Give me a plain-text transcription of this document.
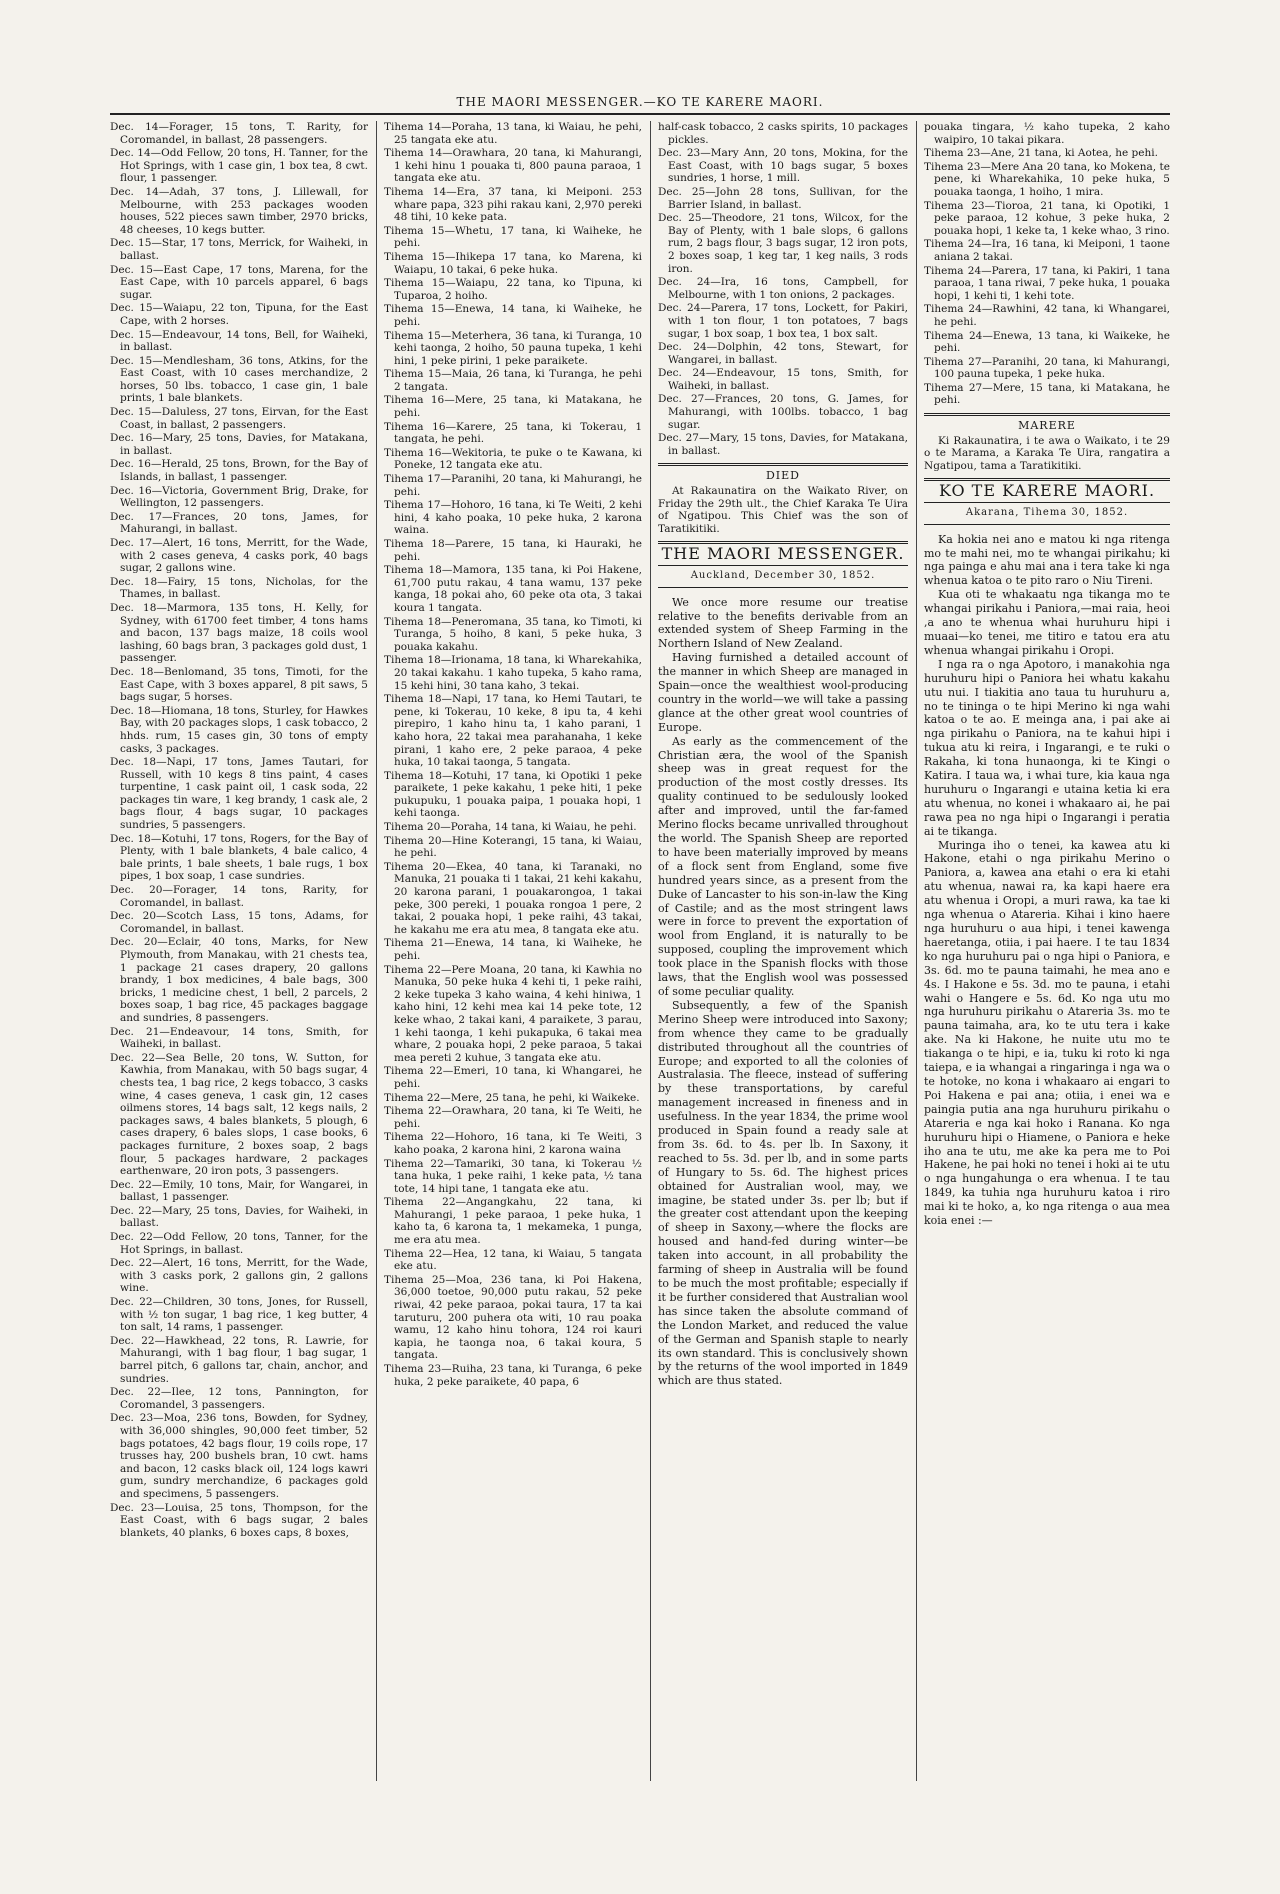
THE MAORI MESSENGER.—KO TE KARERE MAORI.

Dec. 14—Forager, 15 tons, T. Rarity, for Coromandel, in ballast, 28 passengers.

Dec. 14—Odd Fellow, 20 tons, H. Tanner, for the Hot Springs, with 1 case gin, 1 box tea, 8 cwt. flour, 1 passenger.

Dec. 14—Adah, 37 tons, J. Lillewall, for Melbourne, with 253 packages wooden houses, 522 pieces sawn timber, 2970 bricks, 48 cheeses, 10 kegs butter.

Dec. 15—Star, 17 tons, Merrick, for Waiheki, in ballast.

Dec. 15—East Cape, 17 tons, Marena, for the East Cape, with 10 parcels apparel, 6 bags sugar.

Dec. 15—Waiapu, 22 ton, Tipuna, for the East Cape, with 2 horses.

Dec. 15—Endeavour, 14 tons, Bell, for Waiheki, in ballast.

Dec. 15—Mendlesham, 36 tons, Atkins, for the East Coast, with 10 cases merchandize, 2 horses, 50 lbs. tobacco, 1 case gin, 1 bale prints, 1 bale blankets.

Dec. 15—Daluless, 27 tons, Eirvan, for the East Coast, in ballast, 2 passengers.

Dec. 16—Mary, 25 tons, Davies, for Matakana, in ballast.

Dec. 16—Herald, 25 tons, Brown, for the Bay of Islands, in ballast, 1 passenger.

Dec. 16—Victoria, Government Brig, Drake, for Wellington, 12 passengers.

Dec. 17—Frances, 20 tons, James, for Mahurangi, in ballast.

Dec. 17—Alert, 16 tons, Merritt, for the Wade, with 2 cases geneva, 4 casks pork, 40 bags sugar, 2 gallons wine.

Dec. 18—Fairy, 15 tons, Nicholas, for the Thames, in ballast.

Dec. 18—Marmora, 135 tons, H. Kelly, for Sydney, with 61700 feet timber, 4 tons hams and bacon, 137 bags maize, 18 coils wool lashing, 60 bags bran, 3 packages gold dust, 1 passenger.

Dec. 18—Benlomand, 35 tons, Timoti, for the East Cape, with 3 boxes apparel, 8 pit saws, 5 bags sugar, 5 horses.

Dec. 18—Hiomana, 18 tons, Sturley, for Hawkes Bay, with 20 packages slops, 1 cask tobacco, 2 hhds. rum, 15 cases gin, 30 tons of empty casks, 3 packages.

Dec. 18—Napi, 17 tons, James Tautari, for Russell, with 10 kegs 8 tins paint, 4 cases turpentine, 1 cask paint oil, 1 cask soda, 22 packages tin ware, 1 keg brandy, 1 cask ale, 2 bags flour, 4 bags sugar, 10 packages sundries, 5 passengers.

Dec. 18—Kotuhi, 17 tons, Rogers, for the Bay of Plenty, with 1 bale blankets, 4 bale calico, 4 bale prints, 1 bale sheets, 1 bale rugs, 1 box pipes, 1 box soap, 1 case sundries.

Dec. 20—Forager, 14 tons, Rarity, for Coromandel, in ballast.

Dec. 20—Scotch Lass, 15 tons, Adams, for Coromandel, in ballast.

Dec. 20—Eclair, 40 tons, Marks, for New Plymouth, from Manakau, with 21 chests tea, 1 package 21 cases drapery, 20 gallons brandy, 1 box medicines, 4 bale bags, 300 bricks, 1 medicine chest, 1 bell, 2 parcels, 2 boxes soap, 1 bag rice, 45 packages baggage and sundries, 8 passengers.

Dec. 21—Endeavour, 14 tons, Smith, for Waiheki, in ballast.

Dec. 22—Sea Belle, 20 tons, W. Sutton, for Kawhia, from Manakau, with 50 bags sugar, 4 chests tea, 1 bag rice, 2 kegs tobacco, 3 casks wine, 4 cases geneva, 1 cask gin, 12 cases oilmens stores, 14 bags salt, 12 kegs nails, 2 packages saws, 4 bales blankets, 5 plough, 6 cases drapery, 6 bales slops, 1 case books, 6 packages furniture, 2 boxes soap, 2 bags flour, 5 packages hardware, 2 packages earthenware, 20 iron pots, 3 passengers.

Dec. 22—Emily, 10 tons, Mair, for Wangarei, in ballast, 1 passenger.

Dec. 22—Mary, 25 tons, Davies, for Waiheki, in ballast.

Dec. 22—Odd Fellow, 20 tons, Tanner, for the Hot Springs, in ballast.

Dec. 22—Alert, 16 tons, Merritt, for the Wade, with 3 casks pork, 2 gallons gin, 2 gallons wine.

Dec. 22—Children, 30 tons, Jones, for Russell, with ½ ton sugar, 1 bag rice, 1 keg butter, 4 ton salt, 14 rams, 1 passenger.

Dec. 22—Hawkhead, 22 tons, R. Lawrie, for Mahurangi, with 1 bag flour, 1 bag sugar, 1 barrel pitch, 6 gallons tar, chain, anchor, and sundries.

Dec. 22—Ilee, 12 tons, Pannington, for Coromandel, 3 passengers.

Dec. 23—Moa, 236 tons, Bowden, for Sydney, with 36,000 shingles, 90,000 feet timber, 52 bags potatoes, 42 bags flour, 19 coils rope, 17 trusses hay, 200 bushels bran, 10 cwt. hams and bacon, 12 casks black oil, 124 logs kawri gum, sundry merchandize, 6 packages gold and specimens, 5 passengers.

Dec. 23—Louisa, 25 tons, Thompson, for the East Coast, with 6 bags sugar, 2 bales blankets, 40 planks, 6 boxes caps, 8 boxes,

Tihema 14—Poraha, 13 tana, ki Waiau, he pehi, 25 tangata eke atu.

Tihema 14—Orawhara, 20 tana, ki Mahurangi, 1 kehi hinu 1 pouaka ti, 800 pauna paraoa, 1 tangata eke atu.

Tihema 14—Era, 37 tana, ki Meiponi. 253 whare papa, 323 pihi rakau kani, 2,970 pereki 48 tihi, 10 keke pata.

Tihema 15—Whetu, 17 tana, ki Waiheke, he pehi.

Tihema 15—Ihikepa 17 tana, ko Marena, ki Waiapu, 10 takai, 6 peke huka.

Tihema 15—Waiapu, 22 tana, ko Tipuna, ki Tuparoa, 2 hoiho.

Tihema 15—Enewa, 14 tana, ki Waiheke, he pehi.

Tihema 15—Meterhera, 36 tana, ki Turanga, 10 kehi taonga, 2 hoiho, 50 pauna tupeka, 1 kehi hini, 1 peke pirini, 1 peke paraikete.

Tihema 15—Maia, 26 tana, ki Turanga, he pehi 2 tangata.

Tihema 16—Mere, 25 tana, ki Matakana, he pehi.

Tihema 16—Karere, 25 tana, ki Tokerau, 1 tangata, he pehi.

Tihema 16—Wekitoria, te puke o te Kawana, ki Poneke, 12 tangata eke atu.

Tihema 17—Paranihi, 20 tana, ki Mahurangi, he pehi.

Tihema 17—Hohoro, 16 tana, ki Te Weiti, 2 kehi hini, 4 kaho poaka, 10 peke huka, 2 karona waina.

Tihema 18—Parere, 15 tana, ki Hauraki, he pehi.

Tihema 18—Mamora, 135 tana, ki Poi Hakene, 61,700 putu rakau, 4 tana wamu, 137 peke kanga, 18 pokai aho, 60 peke ota ota, 3 takai koura 1 tangata.

Tihema 18—Peneromana, 35 tana, ko Timoti, ki Turanga, 5 hoiho, 8 kani, 5 peke huka, 3 pouaka kakahu.

Tihema 18—Irionama, 18 tana, ki Wharekahika, 20 takai kakahu. 1 kaho tupeka, 5 kaho rama, 15 kehi hini, 30 tana kaho, 3 tekai.

Tihema 18—Napi, 17 tana, ko Hemi Tautari, te pene, ki Tokerau, 10 keke, 8 ipu ta, 4 kehi pirepiro, 1 kaho hinu ta, 1 kaho parani, 1 kaho hora, 22 takai mea parahanaha, 1 keke pirani, 1 kaho ere, 2 peke paraoa, 4 peke huka, 10 takai taonga, 5 tangata.

Tihema 18—Kotuhi, 17 tana, ki Opotiki 1 peke paraikete, 1 peke kakahu, 1 peke hiti, 1 peke pukupuku, 1 pouaka paipa, 1 pouaka hopi, 1 kehi taonga.

Tihema 20—Poraha, 14 tana, ki Waiau, he pehi.

Tihema 20—Hine Koterangi, 15 tana, ki Waiau, he pehi.

Tihema 20—Ekea, 40 tana, ki Taranaki, no Manuka, 21 pouaka ti 1 takai, 21 kehi kakahu, 20 karona parani, 1 pouakarongoa, 1 takai peke, 300 pereki, 1 pouaka rongoa 1 pere, 2 takai, 2 pouaka hopi, 1 peke raihi, 43 takai, he kakahu me era atu mea, 8 tangata eke atu.

Tihema 21—Enewa, 14 tana, ki Waiheke, he pehi.

Tihema 22—Pere Moana, 20 tana, ki Kawhia no Manuka, 50 peke huka 4 kehi ti, 1 peke raihi, 2 keke tupeka 3 kaho waina, 4 kehi hiniwa, 1 kaho hini, 12 kehi mea kai 14 peke tote, 12 keke whao, 2 takai kani, 4 paraikete, 3 parau, 1 kehi taonga, 1 kehi pukapuka, 6 takai mea whare, 2 pouaka hopi, 2 peke paraoa, 5 takai mea pereti 2 kuhue, 3 tangata eke atu.

Tihema 22—Emeri, 10 tana, ki Whangarei, he pehi.

Tihema 22—Mere, 25 tana, he pehi, ki Waikeke.

Tihema 22—Orawhara, 20 tana, ki Te Weiti, he pehi.

Tihema 22—Hohoro, 16 tana, ki Te Weiti, 3 kaho poaka, 2 karona hini, 2 karona waina

Tihema 22—Tamariki, 30 tana, ki Tokerau ½ tana huka, 1 peke raihi, 1 keke pata, ½ tana tote, 14 hipi tane, 1 tangata eke atu.

Tihema 22—Angangkahu, 22 tana, ki Mahurangi, 1 peke paraoa, 1 peke huka, 1 kaho ta, 6 karona ta, 1 mekameka, 1 punga, me era atu mea.

Tihema 22—Hea, 12 tana, ki Waiau, 5 tangata eke atu.

Tihema 25—Moa, 236 tana, ki Poi Hakena, 36,000 toetoe, 90,000 putu rakau, 52 peke riwai, 42 peke paraoa, pokai taura, 17 ta kai taruturu, 200 puhera ota witi, 10 rau poaka wamu, 12 kaho hinu tohora, 124 roi kauri kapia, he taonga noa, 6 takai koura, 5 tangata.

Tihema 23—Ruiha, 23 tana, ki Turanga, 6 peke huka, 2 peke paraikete, 40 papa, 6

half-cask tobacco, 2 casks spirits, 10 packages pickles.

Dec. 23—Mary Ann, 20 tons, Mokina, for the East Coast, with 10 bags sugar, 5 boxes sundries, 1 horse, 1 mill.

Dec. 25—John 28 tons, Sullivan, for the Barrier Island, in ballast.

Dec. 25—Theodore, 21 tons, Wilcox, for the Bay of Plenty, with 1 bale slops, 6 gallons rum, 2 bags flour, 3 bags sugar, 12 iron pots, 2 boxes soap, 1 keg tar, 1 keg nails, 3 rods iron.

Dec. 24—Ira, 16 tons, Campbell, for Melbourne, with 1 ton onions, 2 packages.

Dec. 24—Parera, 17 tons, Lockett, for Pakiri, with 1 ton flour, 1 ton potatoes, 7 bags sugar, 1 box soap, 1 box tea, 1 box salt.

Dec. 24—Dolphin, 42 tons, Stewart, for Wangarei, in ballast.

Dec. 24—Endeavour, 15 tons, Smith, for Waiheki, in ballast.

Dec. 27—Frances, 20 tons, G. James, for Mahurangi, with 100lbs. tobacco, 1 bag sugar.

Dec. 27—Mary, 15 tons, Davies, for Matakana, in ballast.

DIED

At Rakaunatira on the Waikato River, on Friday the 29th ult., the Chief Karaka Te Uira of Ngatipou. This Chief was the son of Taratikitiki.

THE MAORI MESSENGER.
Auckland, December 30, 1852.

We once more resume our treatise relative to the benefits derivable from an extended system of Sheep Farming in the Northern Island of New Zealand.

Having furnished a detailed account of the manner in which Sheep are managed in Spain—once the wealthiest wool-producing country in the world—we will take a passing glance at the other great wool countries of Europe.

As early as the commencement of the Christian æra, the wool of the Spanish sheep was in great request for the production of the most costly dresses. Its quality continued to be sedulously looked after and improved, until the far-famed Merino flocks became unrivalled throughout the world. The Spanish Sheep are reported to have been materially improved by means of a flock sent from England, some five hundred years since, as a present from the Duke of Lancaster to his son-in-law the King of Castile; and as the most stringent laws were in force to prevent the exportation of wool from England, it is naturally to be supposed, coupling the improvement which took place in the Spanish flocks with those laws, that the English wool was possessed of some peculiar quality.

Subsequently, a few of the Spanish Merino Sheep were introduced into Saxony; from whence they came to be gradually distributed throughout all the countries of Europe; and exported to all the colonies of Australasia. The fleece, instead of suffering by these transportations, by careful management increased in fineness and in usefulness. In the year 1834, the prime wool produced in Spain found a ready sale at from 3s. 6d. to 4s. per lb. In Saxony, it reached to 5s. 3d. per lb, and in some parts of Hungary to 5s. 6d. The highest prices obtained for Australian wool, may, we imagine, be stated under 3s. per lb; but if the greater cost attendant upon the keeping of sheep in Saxony,—where the flocks are housed and hand-fed during winter—be taken into account, in all probability the farming of sheep in Australia will be found to be much the most profitable; especially if it be further considered that Australian wool has since taken the absolute command of the London Market, and reduced the value of the German and Spanish staple to nearly its own standard. This is conclusively shown by the returns of the wool imported in 1849 which are thus stated.

pouaka tingara, ½ kaho tupeka, 2 kaho waipiro, 10 takai pikara.

Tihema 23—Ane, 21 tana, ki Aotea, he pehi.

Tihema 23—Mere Ana 20 tana, ko Mokena, te pene, ki Wharekahika, 10 peke huka, 5 pouaka taonga, 1 hoiho, 1 mira.

Tihema 23—Tioroa, 21 tana, ki Opotiki, 1 peke paraoa, 12 kohue, 3 peke huka, 2 pouaka hopi, 1 keke ta, 1 keke whao, 3 rino.

Tihema 24—Ira, 16 tana, ki Meiponi, 1 taone aniana 2 takai.

Tihema 24—Parera, 17 tana, ki Pakiri, 1 tana paraoa, 1 tana riwai, 7 peke huka, 1 pouaka hopi, 1 kehi ti, 1 kehi tote.

Tihema 24—Rawhini, 42 tana, ki Whangarei, he pehi.

Tihema 24—Enewa, 13 tana, ki Waikeke, he pehi.

Tihema 27—Paranihi, 20 tana, ki Mahurangi, 100 pauna tupeka, 1 peke huka.

Tihema 27—Mere, 15 tana, ki Matakana, he pehi.

MARERE

Ki Rakaunatira, i te awa o Waikato, i te 29 o te Marama, a Karaka Te Uira, rangatira a Ngatipou, tama a Taratikitiki.

KO TE KARERE MAORI.
Akarana, Tihema 30, 1852.

Ka hokia nei ano e matou ki nga ritenga mo te mahi nei, mo te whangai pirikahu; ki nga painga e ahu mai ana i tera take ki nga whenua katoa o te pito raro o Niu Tireni.

Kua oti te whakaatu nga tikanga mo te whangai pirikahu i Paniora,—mai raia, heoi ,a ano te whenua whai huruhuru hipi i muaai—ko tenei, me titiro e tatou era atu whenua whangai pirikahu i Oropi.

I nga ra o nga Apotoro, i manakohia nga huruhuru hipi o Paniora hei whatu kakahu utu nui. I tiakitia ano taua tu huruhuru a, no te tininga o te hipi Merino ki nga wahi katoa o te ao. E meinga ana, i pai ake ai nga pirikahu o Paniora, na te kahui hipi i tukua atu ki reira, i Ingarangi, e te ruki o Rakaha, ki tona hunaonga, ki te Kingi o Katira. I taua wa, i whai ture, kia kaua nga huruhuru o Ingarangi e utaina ketia ki era atu whenua, no konei i whakaaro ai, he pai rawa pea no nga hipi o Ingarangi i peratia ai te tikanga.

Muringa iho o tenei, ka kawea atu ki Hakone, etahi o nga pirikahu Merino o Paniora, a, kawea ana etahi o era ki etahi atu whenua, nawai ra, ka kapi haere era atu whenua i Oropi, a muri rawa, ka tae ki nga whenua o Atareria. Kihai i kino haere nga huruhuru o aua hipi, i tenei kawenga haeretanga, otiia, i pai haere. I te tau 1834 ko nga huruhuru pai o nga hipi o Paniora, e 3s. 6d. mo te pauna taimahi, he mea ano e 4s. I Hakone e 5s. 3d. mo te pauna, i etahi wahi o Hangere e 5s. 6d. Ko nga utu mo nga huruhuru pirikahu o Atareria 3s. mo te pauna taimaha, ara, ko te utu tera i kake ake. Na ki Hakone, he nuite utu mo te tiakanga o te hipi, e ia, tuku ki roto ki nga taiepa, e ia whangai a ringaringa i nga wa o te hotoke, no kona i whakaaro ai engari to Poi Hakena e pai ana; otiia, i enei wa e paingia putia ana nga huruhuru pirikahu o Atareria e nga kai hoko i Ranana. Ko nga huruhuru hipi o Hiamene, o Paniora e heke iho ana te utu, me ake ka pera me to Poi Hakene, he pai hoki no tenei i hoki ai te utu o nga hungahunga o era whenua. I te tau 1849, ka tuhia nga huruhuru katoa i riro mai ki te hoko, a, ko nga ritenga o aua mea koia enei :—
